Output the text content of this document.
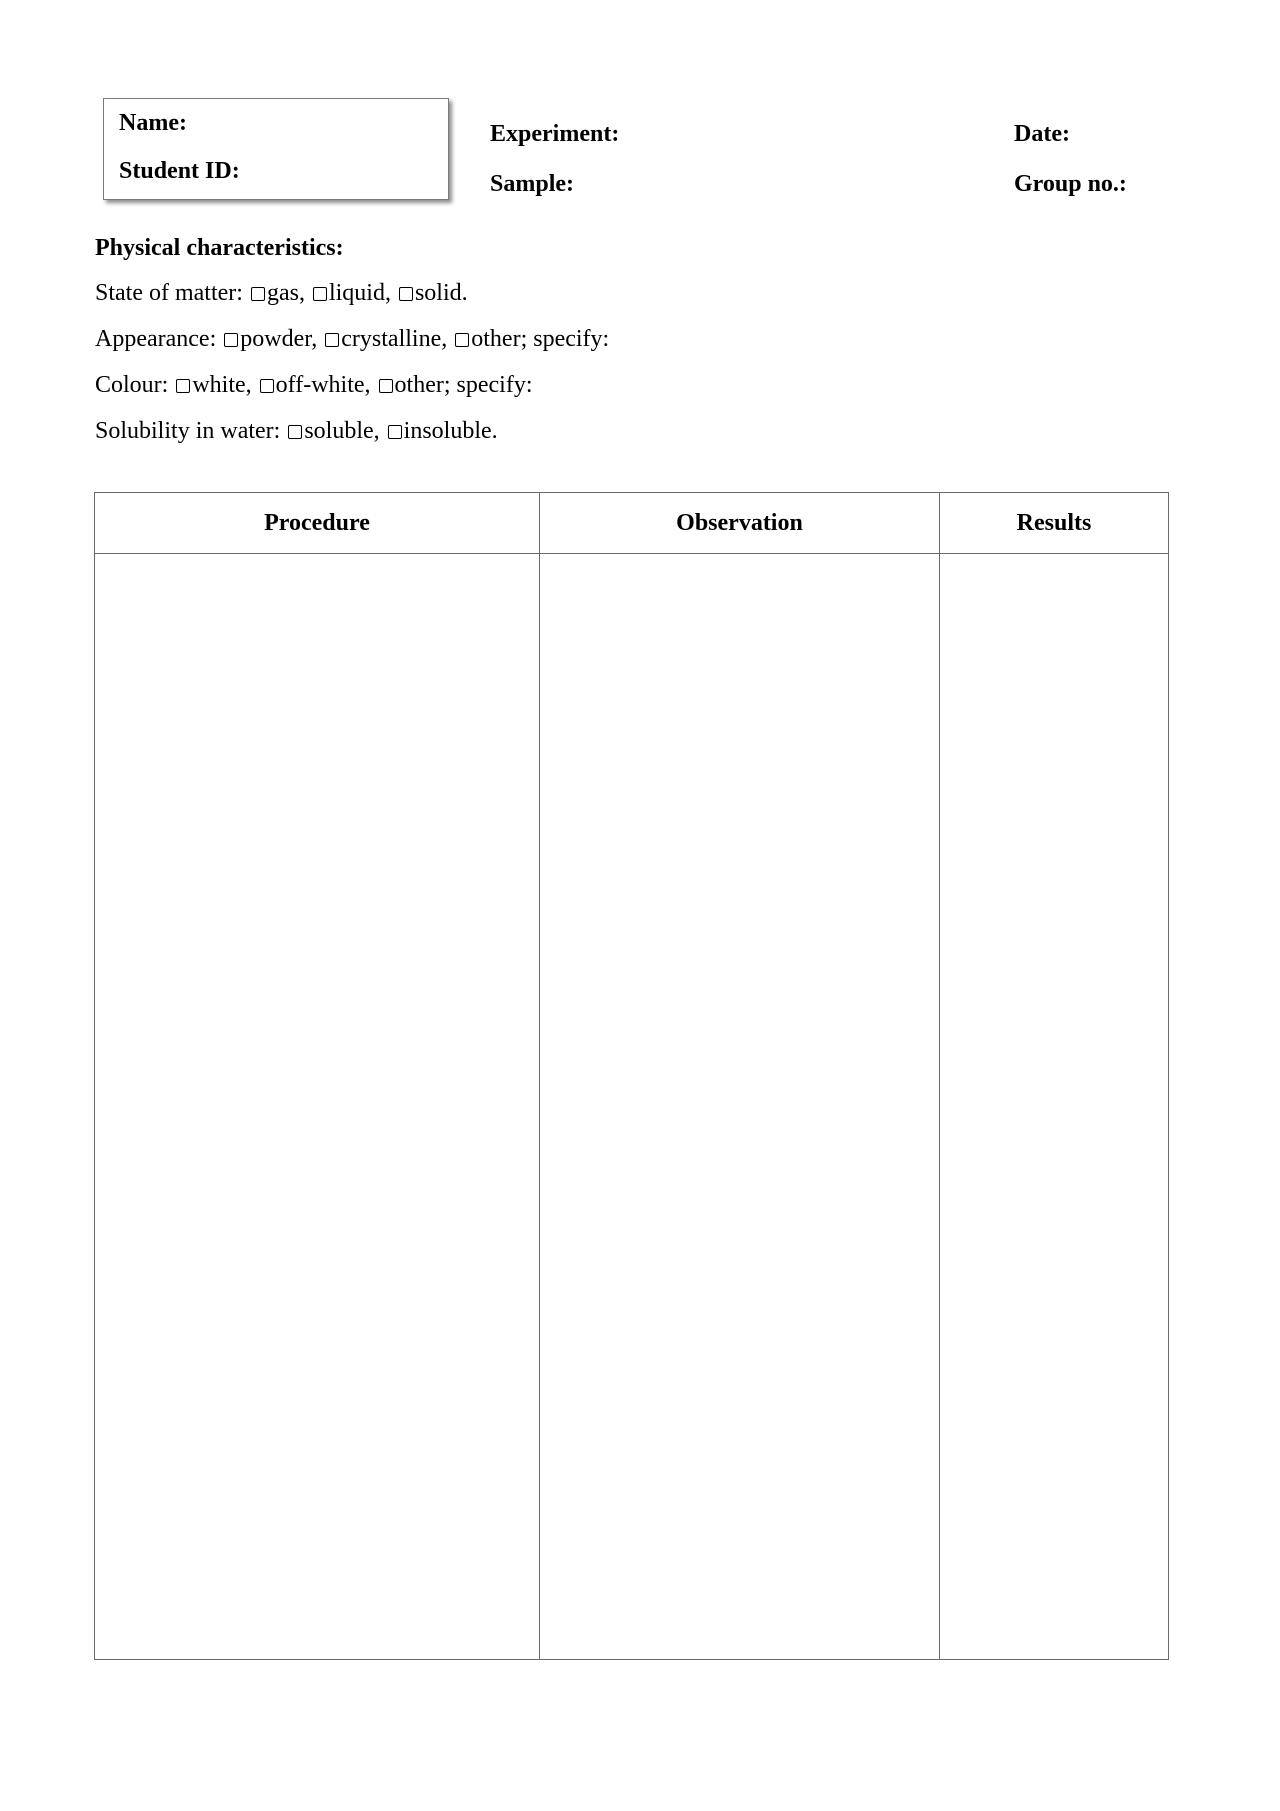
Name:
Student ID:
Experiment:
Sample:
Date:
Group no.:
Physical characteristics:
State of matter: gas, liquid, solid.
Appearance: powder, crystalline, other; specify:
Colour: white, off-white, other; specify:
Solubility in water: soluble, insoluble.
Procedure	Observation	Results
